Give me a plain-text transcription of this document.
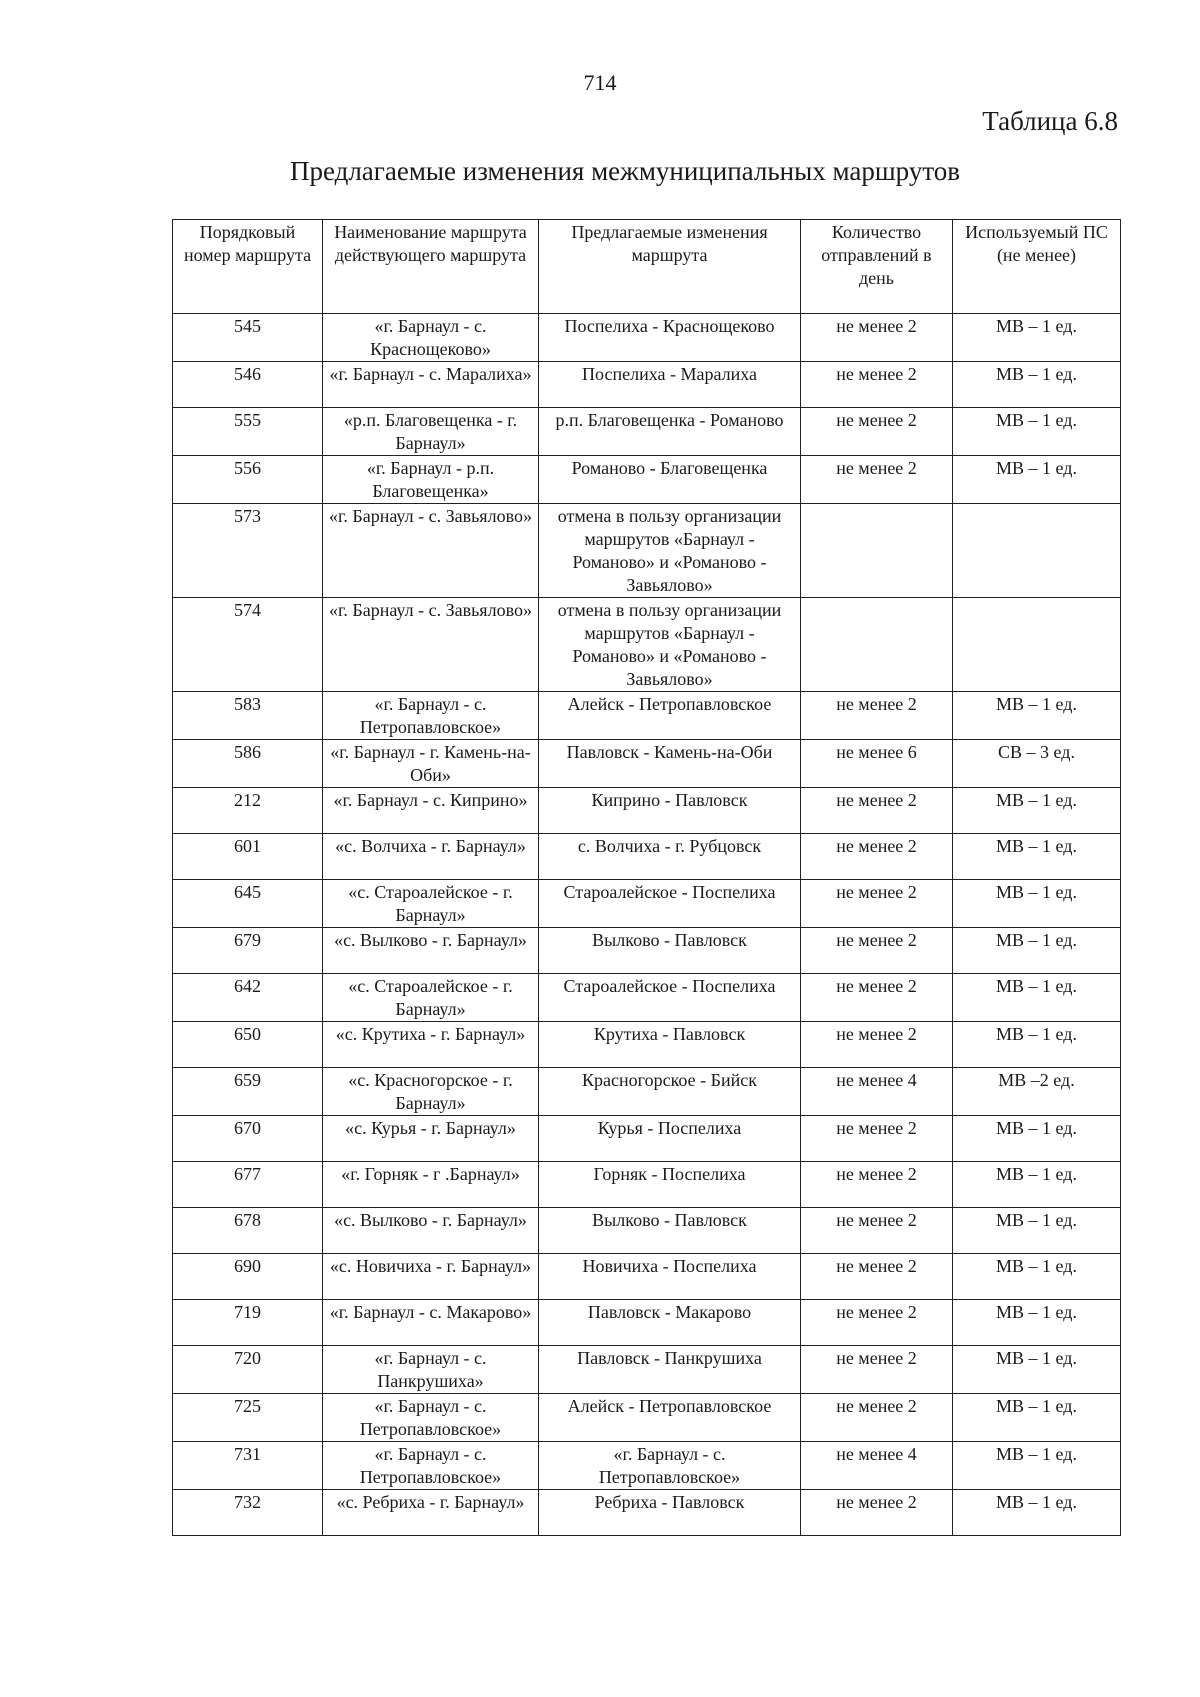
714
Таблица 6.8
Предлагаемые изменения межмуниципальных маршрутов
Порядковый номер маршрута	Наименование маршрута действующего маршрута	Предлагаемые изменения маршрута	Количество отправлений в день	Используемый ПС (не менее)
545	«г. Барнаул - с. Краснощеково»	Поспелиха - Краснощеково	не менее 2	МВ – 1 ед.
546	«г. Барнаул - с. Маралиха»	Поспелиха - Маралиха	не менее 2	МВ – 1 ед.
555	«р.п. Благовещенка - г. Барнаул»	р.п. Благовещенка - Романово	не менее 2	МВ – 1 ед.
556	«г. Барнаул - р.п. Благовещенка»	Романово - Благовещенка	не менее 2	МВ – 1 ед.
573	«г. Барнаул - с. Завьялово»	отмена в пользу организации маршрутов «Барнаул - Романово» и «Романово - Завьялово»		
574	«г. Барнаул - с. Завьялово»	отмена в пользу организации маршрутов «Барнаул - Романово» и «Романово - Завьялово»		
583	«г. Барнаул - с. Петропавловское»	Алейск - Петропавловское	не менее 2	МВ – 1 ед.
586	«г. Барнаул - г. Камень-на-Оби»	Павловск - Камень-на-Оби	не менее 6	СВ – 3 ед.
212	«г. Барнаул - с. Киприно»	Киприно - Павловск	не менее 2	МВ – 1 ед.
601	«с. Волчиха - г. Барнаул»	с. Волчиха - г. Рубцовск	не менее 2	МВ – 1 ед.
645	«с. Староалейское - г. Барнаул»	Староалейское - Поспелиха	не менее 2	МВ – 1 ед.
679	«с. Вылково - г. Барнаул»	Вылково - Павловск	не менее 2	МВ – 1 ед.
642	«с. Староалейское - г. Барнаул»	Староалейское - Поспелиха	не менее 2	МВ – 1 ед.
650	«с. Крутиха - г. Барнаул»	Крутиха - Павловск	не менее 2	МВ – 1 ед.
659	«с. Красногорское - г. Барнаул»	Красногорское - Бийск	не менее 4	МВ –2 ед.
670	«с. Курья - г. Барнаул»	Курья - Поспелиха	не менее 2	МВ – 1 ед.
677	«г. Горняк - г .Барнаул»	Горняк - Поспелиха	не менее 2	МВ – 1 ед.
678	«с. Вылково - г. Барнаул»	Вылково - Павловск	не менее 2	МВ – 1 ед.
690	«с. Новичиха - г. Барнаул»	Новичиха - Поспелиха	не менее 2	МВ – 1 ед.
719	«г. Барнаул - с. Макарово»	Павловск - Макарово	не менее 2	МВ – 1 ед.
720	«г. Барнаул - с. Панкрушиха»	Павловск - Панкрушиха	не менее 2	МВ – 1 ед.
725	«г. Барнаул - с. Петропавловское»	Алейск - Петропавловское	не менее 2	МВ – 1 ед.
731	«г. Барнаул - с. Петропавловское»	«г. Барнаул - с. Петропавловское»	не менее 4	МВ – 1 ед.
732	«с. Ребриха - г. Барнаул»	Ребриха - Павловск	не менее 2	МВ – 1 ед.
